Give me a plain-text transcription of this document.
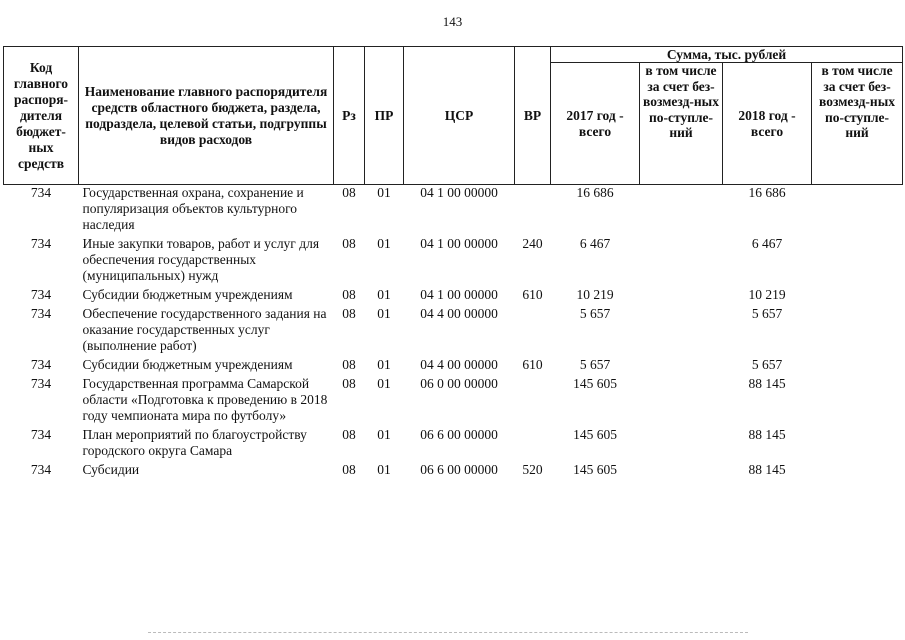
143
Код главного распоря-дителя бюджет-ных средств	Наименование главного распорядителя средств областного бюджета, раздела, подраздела, целевой статьи, подгруппы видов расходов	Рз	ПР	ЦСР	ВР	Сумма, тыс. рублей			
						2017 год - всего	в том числе за счет без-возмезд-ных по-ступле-ний	2018 год - всего	в том числе за счет без-возмезд-ных по-ступле-ний
734	Государственная охрана, сохранение и популяризация объектов культурного наследия	08	01	04 1 00 00000		16 686		16 686	
734	Иные закупки товаров, работ и услуг для обеспечения государственных (муниципальных) нужд	08	01	04 1 00 00000	240	6 467		6 467	
734	Субсидии бюджетным учреждениям	08	01	04 1 00 00000	610	10 219		10 219	
734	Обеспечение государственного задания на оказание государственных услуг (выполнение работ)	08	01	04 4 00 00000		5 657		5 657	
734	Субсидии бюджетным учреждениям	08	01	04 4 00 00000	610	5 657		5 657	
734	Государственная программа Самарской области «Подготовка к проведению в 2018 году чемпионата мира по футболу»	08	01	06 0 00 00000		145 605		88 145	
734	План мероприятий по благоустройству городского округа Самара	08	01	06 6 00 00000		145 605		88 145	
734	Субсидии	08	01	06 6 00 00000	520	145 605		88 145	
